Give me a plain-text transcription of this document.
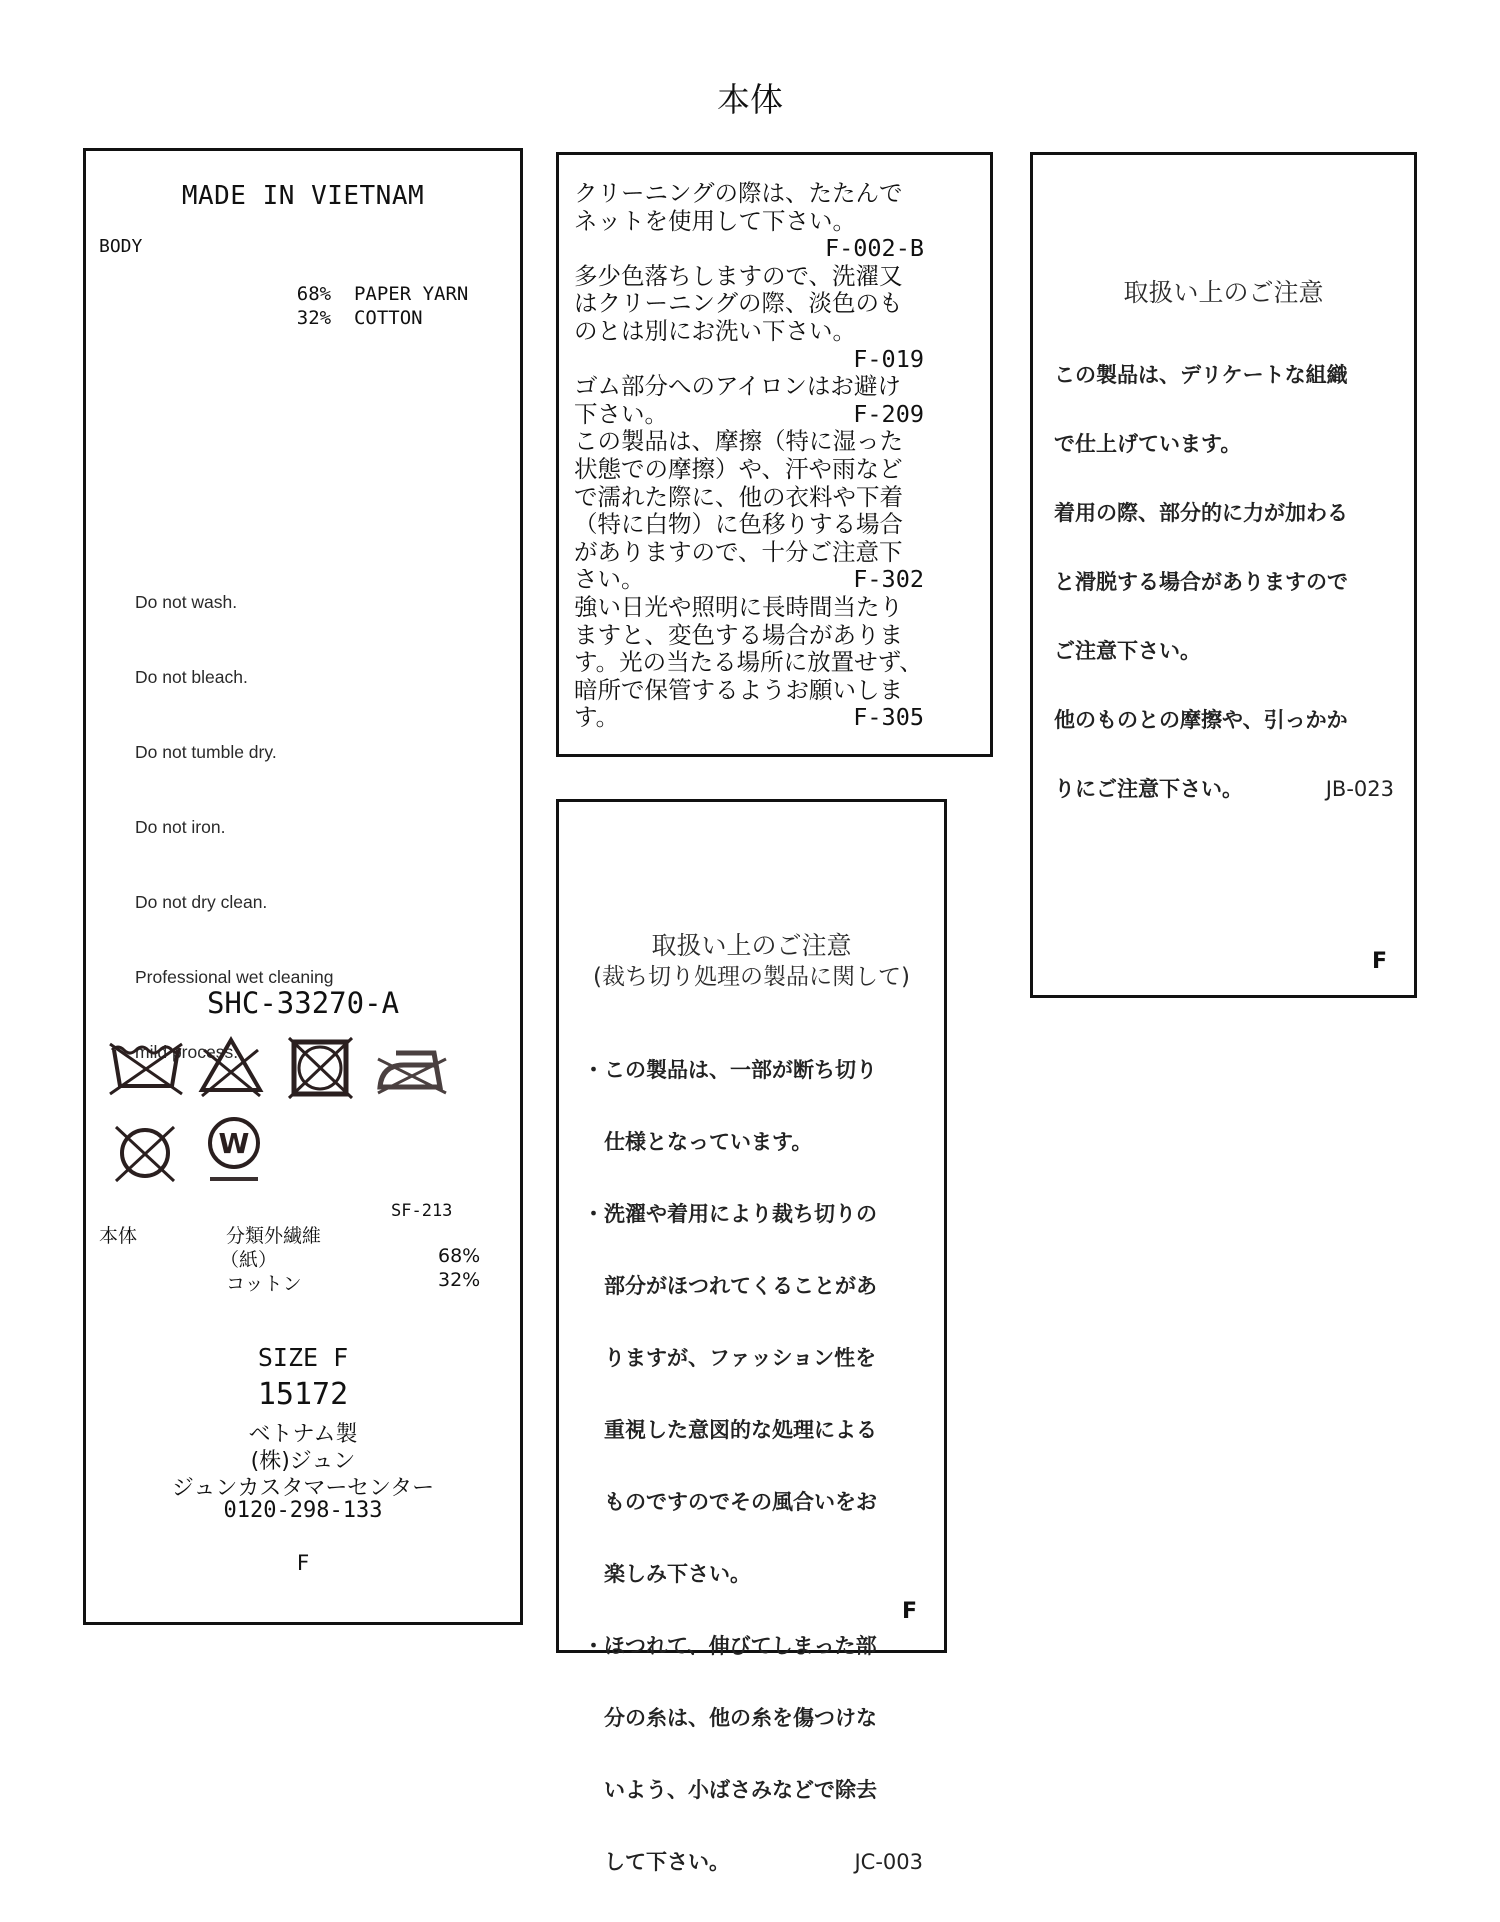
本体
MADE IN VIETNAM
BODY

68% PAPER YARN

32% COTTON

Do not wash.

Do not bleach.

Do not tumble dry.

Do not iron.

Do not dry clean.

Professional wet cleaning

mild process.

SHC-33270-A
W
SF-213
本体	分類外繊維
（紙）	68%
コットン	32%
SIZE F
15172
ベトナム製
(株)ジュン
ジュンカスタマーセンター
0120-298-133
F
クリーニングの際は、たたんで
ネットを使用して下さい。
F-002-B
多少色落ちしますので、洗濯又
はクリーニングの際、淡色のも
のとは別にお洗い下さい。
F-019
ゴム部分へのアイロンはお避け
下さい。	F-209
この製品は、摩擦（特に湿った
状態での摩擦）や、汗や雨など
で濡れた際に、他の衣料や下着
（特に白物）に色移りする場合
がありますので、十分ご注意下
さい。	F-302
強い日光や照明に長時間当たり
ますと、変色する場合がありま
す。光の当たる場所に放置せず、
暗所で保管するようお願いしま
す。	F-305
取扱い上のご注意
(裁ち切り処理の製品に関して)

・この製品は、一部が断ち切り

　仕様となっています。

・洗濯や着用により裁ち切りの

　部分がほつれてくることがあ

　りますが、ファッション性を

　重視した意図的な処理による

　ものですのでその風合いをお

　楽しみ下さい。

・ほつれて、伸びてしまった部

　分の糸は、他の糸を傷つけな

　いよう、小ばさみなどで除去

　して下さい。	JC-003

F
取扱い上のご注意

この製品は、デリケートな組織

で仕上げています。

着用の際、部分的に力が加わる

と滑脱する場合がありますので

ご注意下さい。

他のものとの摩擦や、引っかか

りにご注意下さい。	JB-023

F
